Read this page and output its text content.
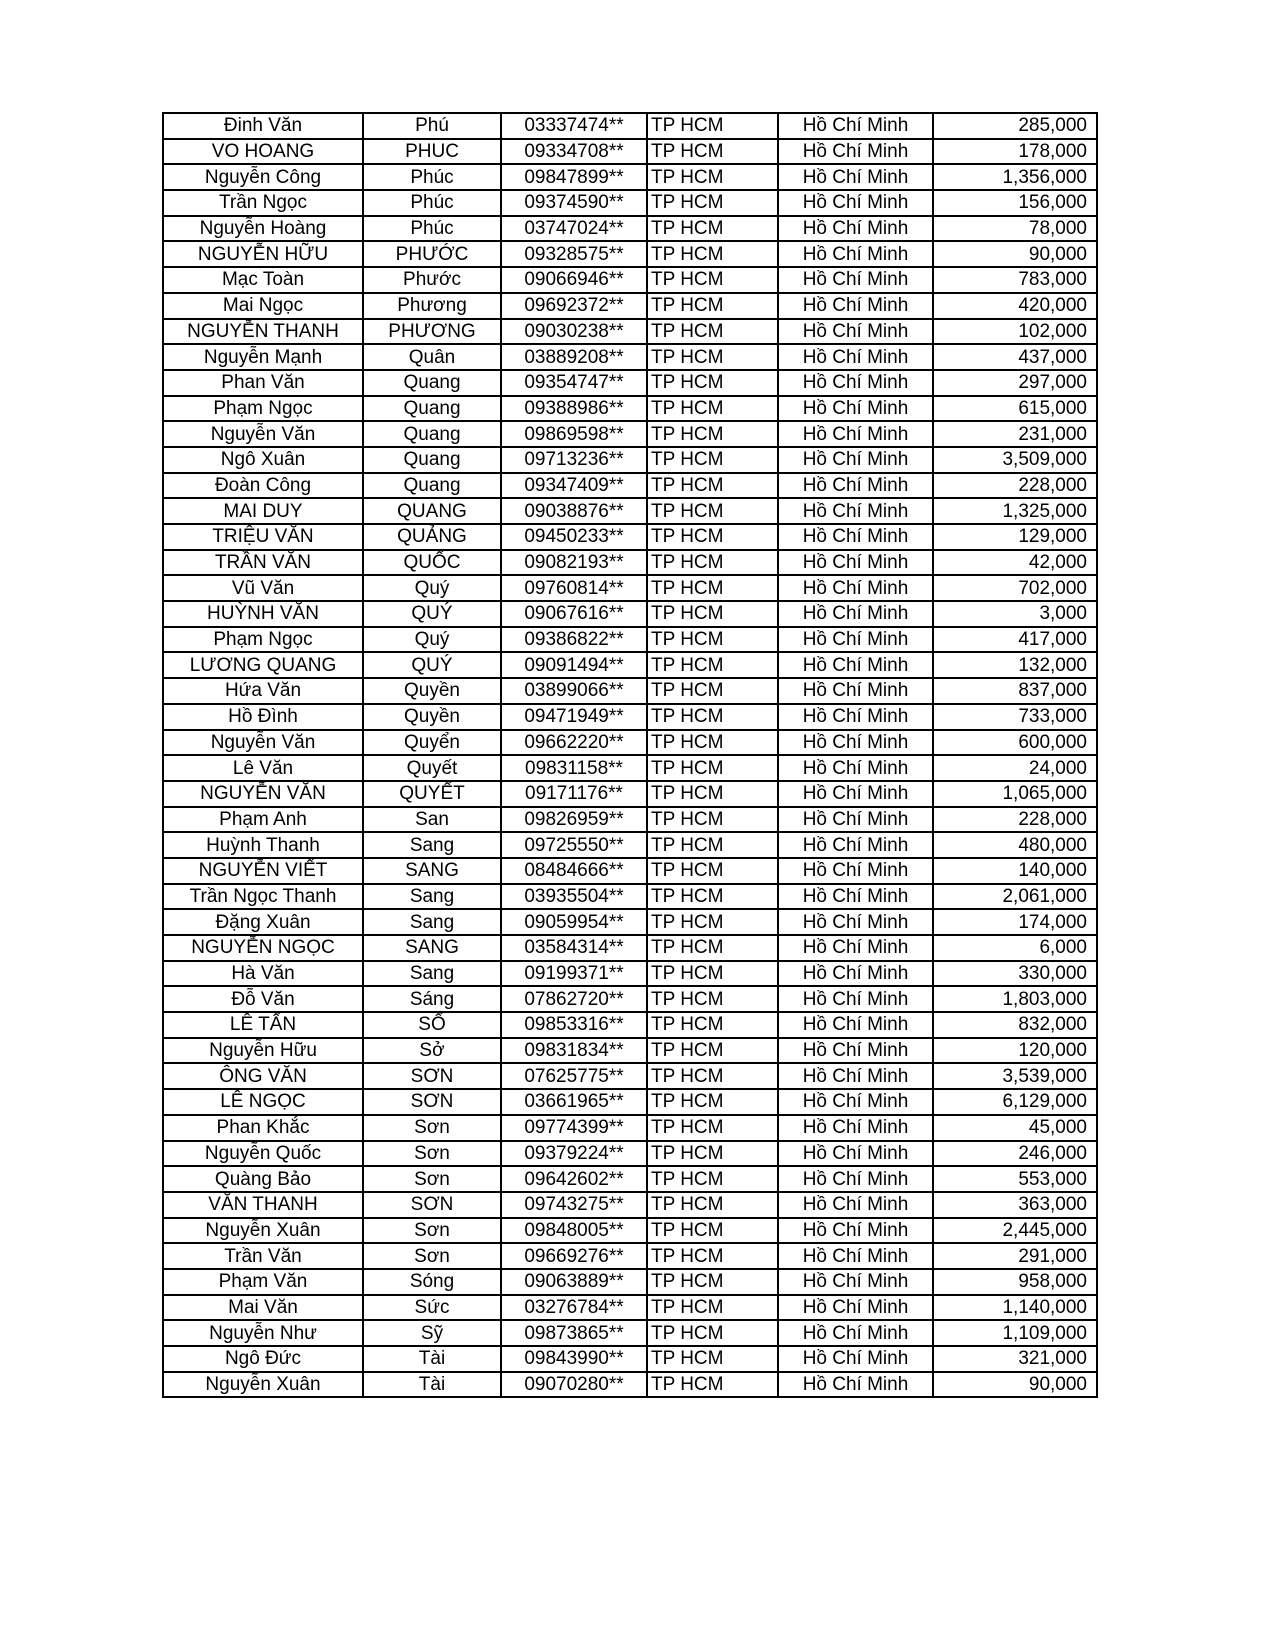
Đinh Văn	Phú	03337474**	TP HCM	Hồ Chí Minh	285,000
VO HOANG	PHUC	09334708**	TP HCM	Hồ Chí Minh	178,000
Nguyễn Công	Phúc	09847899**	TP HCM	Hồ Chí Minh	1,356,000
Trần Ngọc	Phúc	09374590**	TP HCM	Hồ Chí Minh	156,000
Nguyễn Hoàng	Phúc	03747024**	TP HCM	Hồ Chí Minh	78,000
NGUYỄN HỮU	PHƯỚC	09328575**	TP HCM	Hồ Chí Minh	90,000
Mạc Toàn	Phước	09066946**	TP HCM	Hồ Chí Minh	783,000
Mai Ngọc	Phương	09692372**	TP HCM	Hồ Chí Minh	420,000
NGUYỄN THANH	PHƯƠNG	09030238**	TP HCM	Hồ Chí Minh	102,000
Nguyễn Mạnh	Quân	03889208**	TP HCM	Hồ Chí Minh	437,000
Phan Văn	Quang	09354747**	TP HCM	Hồ Chí Minh	297,000
Phạm Ngọc	Quang	09388986**	TP HCM	Hồ Chí Minh	615,000
Nguyễn Văn	Quang	09869598**	TP HCM	Hồ Chí Minh	231,000
Ngô Xuân	Quang	09713236**	TP HCM	Hồ Chí Minh	3,509,000
Đoàn Công	Quang	09347409**	TP HCM	Hồ Chí Minh	228,000
MAI DUY	QUANG	09038876**	TP HCM	Hồ Chí Minh	1,325,000
TRIỆU VĂN	QUẢNG	09450233**	TP HCM	Hồ Chí Minh	129,000
TRẦN VĂN	QUỐC	09082193**	TP HCM	Hồ Chí Minh	42,000
Vũ Văn	Quý	09760814**	TP HCM	Hồ Chí Minh	702,000
HUỲNH VĂN	QUÝ	09067616**	TP HCM	Hồ Chí Minh	3,000
Phạm Ngọc	Quý	09386822**	TP HCM	Hồ Chí Minh	417,000
LƯƠNG QUANG	QUÝ	09091494**	TP HCM	Hồ Chí Minh	132,000
Hứa Văn	Quyền	03899066**	TP HCM	Hồ Chí Minh	837,000
Hồ Đình	Quyền	09471949**	TP HCM	Hồ Chí Minh	733,000
Nguyễn Văn	Quyển	09662220**	TP HCM	Hồ Chí Minh	600,000
Lê Văn	Quyết	09831158**	TP HCM	Hồ Chí Minh	24,000
NGUYỄN VĂN	QUYẾT	09171176**	TP HCM	Hồ Chí Minh	1,065,000
Phạm Anh	San	09826959**	TP HCM	Hồ Chí Minh	228,000
Huỳnh Thanh	Sang	09725550**	TP HCM	Hồ Chí Minh	480,000
NGUYỄN VIẾT	SANG	08484666**	TP HCM	Hồ Chí Minh	140,000
Trần Ngọc Thanh	Sang	03935504**	TP HCM	Hồ Chí Minh	2,061,000
Đặng Xuân	Sang	09059954**	TP HCM	Hồ Chí Minh	174,000
NGUYỄN NGỌC	SANG	03584314**	TP HCM	Hồ Chí Minh	6,000
Hà Văn	Sang	09199371**	TP HCM	Hồ Chí Minh	330,000
Đỗ Văn	Sáng	07862720**	TP HCM	Hồ Chí Minh	1,803,000
LÊ TẤN	SỐ	09853316**	TP HCM	Hồ Chí Minh	832,000
Nguyễn Hữu	Sở	09831834**	TP HCM	Hồ Chí Minh	120,000
ÔNG VĂN	SƠN	07625775**	TP HCM	Hồ Chí Minh	3,539,000
LÊ NGỌC	SƠN	03661965**	TP HCM	Hồ Chí Minh	6,129,000
Phan Khắc	Sơn	09774399**	TP HCM	Hồ Chí Minh	45,000
Nguyễn Quốc	Sơn	09379224**	TP HCM	Hồ Chí Minh	246,000
Quàng Bảo	Sơn	09642602**	TP HCM	Hồ Chí Minh	553,000
VĂN THANH	SƠN	09743275**	TP HCM	Hồ Chí Minh	363,000
Nguyễn Xuân	Sơn	09848005**	TP HCM	Hồ Chí Minh	2,445,000
Trần Văn	Sơn	09669276**	TP HCM	Hồ Chí Minh	291,000
Phạm Văn	Sóng	09063889**	TP HCM	Hồ Chí Minh	958,000
Mai Văn	Sức	03276784**	TP HCM	Hồ Chí Minh	1,140,000
Nguyễn Như	Sỹ	09873865**	TP HCM	Hồ Chí Minh	1,109,000
Ngô Đức	Tài	09843990**	TP HCM	Hồ Chí Minh	321,000
Nguyễn Xuân	Tài	09070280**	TP HCM	Hồ Chí Minh	90,000
